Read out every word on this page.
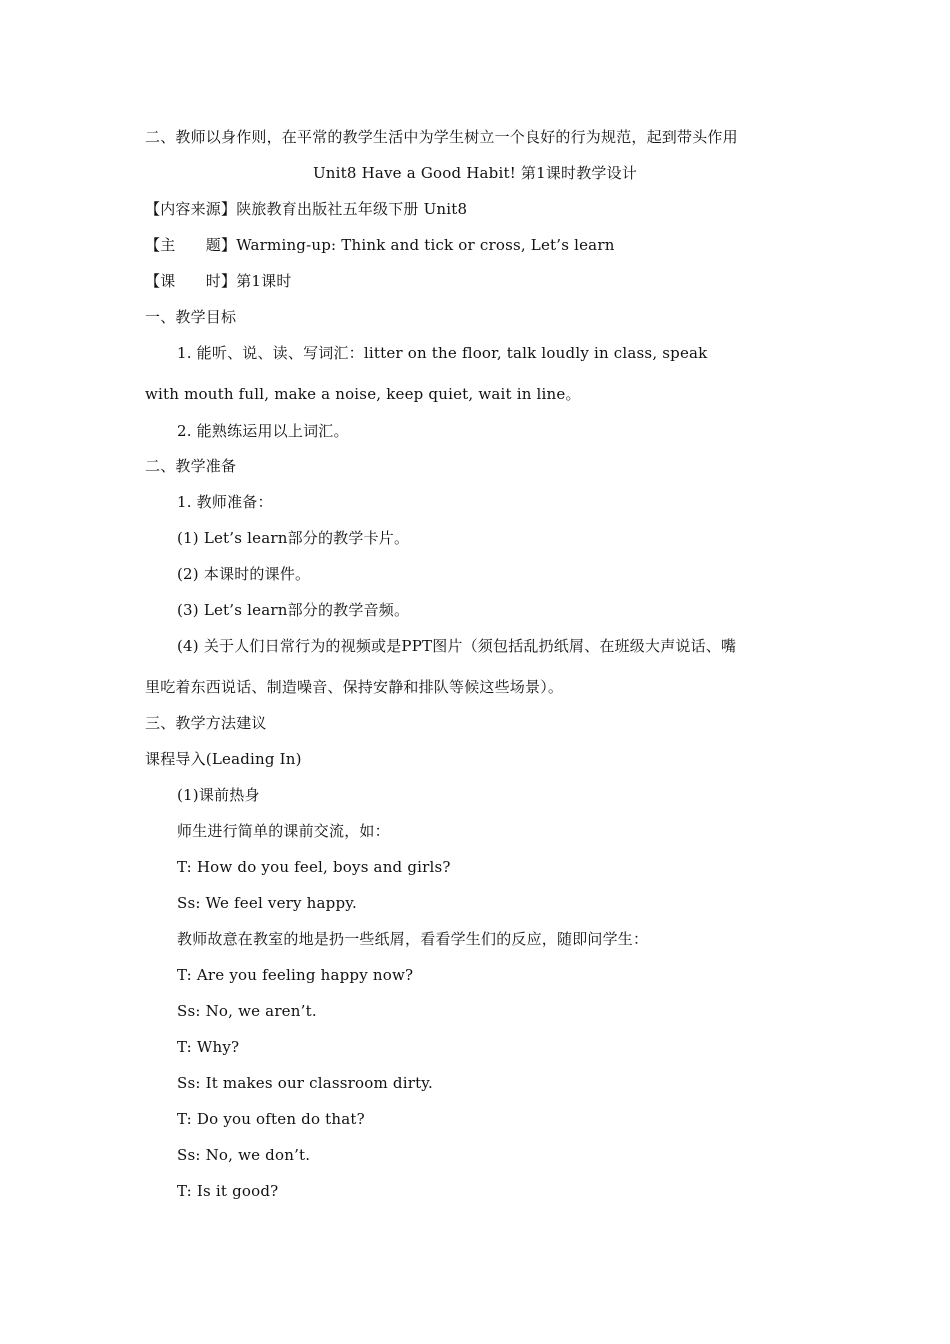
二、教师以身作则，在平常的教学生活中为学生树立一个良好的行为规范，起到带头作用
Unit8 Have a Good Habit! 第1课时教学设计
【内容来源】陕旅教育出版社五年级下册 Unit8
【主　　题】Warming-up: Think and tick or cross, Let’s learn
【课　　时】第1课时
一、教学目标
1. 能听、说、读、写词汇：litter on the floor, talk loudly in class, speak
with mouth full, make a noise, keep quiet, wait in line。
2. 能熟练运用以上词汇。
二、教学准备
1. 教师准备：
(1) Let’s learn部分的教学卡片。
(2) 本课时的课件。
(3) Let’s learn部分的教学音频。
(4) 关于人们日常行为的视频或是PPT图片（须包括乱扔纸屑、在班级大声说话、嘴
里吃着东西说话、制造噪音、保持安静和排队等候这些场景）。
三、教学方法建议
课程导入(Leading In)
(1)课前热身
师生进行简单的课前交流，如：
T: How do you feel, boys and girls?
Ss: We feel very happy.
教师故意在教室的地是扔一些纸屑，看看学生们的反应，随即问学生：
T: Are you feeling happy now?
Ss: No, we aren’t.
T: Why?
Ss: It makes our classroom dirty.
T: Do you often do that?
Ss: No, we don’t.
T: Is it good?
